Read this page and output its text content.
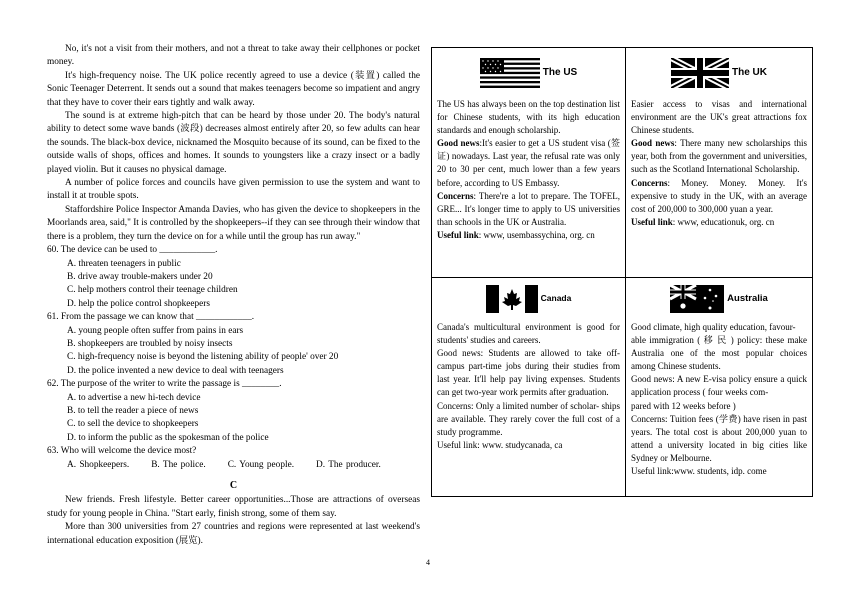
No, it's not a visit from their mothers, and not a threat to take away their cellphones or pocket money.

It's high-frequency noise. The UK police recently agreed to use a device (装置) called the Sonic Teenager Deterrent. It sends out a sound that makes teenagers become so impatient and angry that they have to cover their ears tightly and walk away.

The sound is at extreme high-pitch that can be heard by those under 20. The body's natural ability to detect some wave bands (波段) decreases almost entirely after 20, so few adults can hear the sounds. The black-box device, nicknamed the Mosquito because of its sound, can be fixed to the outside walls of shops, offices and homes. It sounds to youngsters like a crazy insect or a badly played violin. But it causes no physical damage.

A number of police forces and councils have given permission to use the system and want to install it at trouble spots.

Staffordshire Police Inspector Amanda Davies, who has given the device to shopkeepers in the Moorlands area, said," It is controlled by the shopkeepers--if they can see through their window that there is a problem, they turn the device on for a while until the group has run away."

60. The device can be used to ____________.

A. threaten teenagers in public

B. drive away trouble-makers under 20

C. help mothers control their teenage children

D. help the police control shopkeepers

61. From the passage we can know that ____________.

A. young people often suffer from pains in ears

B. shopkeepers are troubled by noisy insects

C. high-frequency noise is beyond the listening ability of people' over 20

D. the police invented a new device to deal with teenagers

62. The purpose of the writer to write the passage is ________.

A. to advertise a new hi-tech device

B. to tell the reader a piece of news

C. to sell the device to shopkeepers

D. to inform the public as the spokesman of the police

63. Who will welcome the device most?

A. Shopkeepers. B. The police. C. Young people. D. The producer.

C

New friends. Fresh lifestyle. Better career opportunities...Those are attractions of overseas study for young people in China. "Start early, finish strong, some of them say.

More than 300 universities from 27 countries and regions were represented at last weekend's international education exposition (展览).

The US

The US has always been on the top destination list for Chinese students, with its high education standards and enough scholarship.
Good news:It's easier to get a US student visa (签证) nowadays. Last year, the refusal rate was only 20 to 30 per cent, much lower than a few years before, according to US Embassy.
Concerns: There're a lot to prepare. The TOFEL, GRE... It's longer time to apply to US universities than schools in the UK or Australia.
Useful link: www, usembassychina, org. cn

The UK

Easier access to visas and international environment are the UK's great attractions fox Chinese students.
Good news: There many new scholarships this year, both from the government and universities, such as the Scotland International Scholarship.
Concerns: Money. Money. Money. It's expensive to study in the UK, with an average cost of 200,000 to 300,000 yuan a year.
Useful link: www, educationuk, org. cn

Canada

Canada's multicultural environment is good for students' studies and careers.

Good news: Students are allowed to take off- campus part-time jobs during their studies from last year. It'll help pay living expenses. Students can get two-year work permits after graduation.

Concerns: Only a limited number of scholar- ships are available. They rarely cover the full cost of a study programme.

Useful link: www. studycanada, ca

Australia

Good climate, high quality education, favour-

able immigration ( 移 民 ) policy: these make Australia one of the most popular choices among Chinese students.

Good news: A new E-visa policy ensure a quick application process ( four weeks com-

pared with 12 weeks before )

Concerns: Tuition fees (学费) have risen in past years. The total cost is about 200,000 yuan to attend a university located in big cities like Sydney or Melbourne.

Useful link:www. students, idp. come

4
